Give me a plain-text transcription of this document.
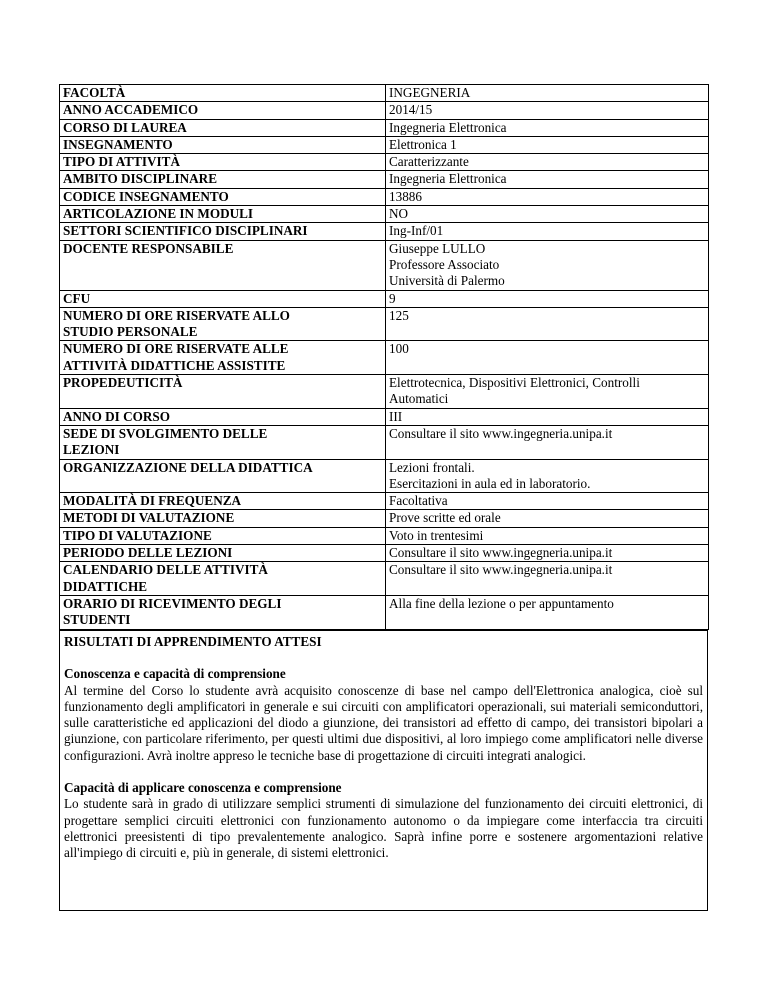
FACOLTÀ	INGEGNERIA

ANNO ACCADEMICO	2014/15

CORSO DI LAUREA	Ingegneria Elettronica

INSEGNAMENTO	Elettronica 1

TIPO DI ATTIVITÀ	Caratterizzante

AMBITO DISCIPLINARE	Ingegneria Elettronica

CODICE INSEGNAMENTO	13886

ARTICOLAZIONE IN MODULI	NO

SETTORI SCIENTIFICO DISCIPLINARI	Ing-Inf/01

DOCENTE RESPONSABILE	Giuseppe LULLO
Professore Associato
Università di Palermo

CFU	9

NUMERO DI ORE RISERVATE ALLO
STUDIO PERSONALE	125

NUMERO DI ORE RISERVATE ALLE
ATTIVITÀ DIDATTICHE ASSISTITE	100

PROPEDEUTICITÀ	Elettrotecnica, Dispositivi Elettronici, Controlli
Automatici

ANNO DI CORSO	III

SEDE DI SVOLGIMENTO DELLE
LEZIONI	Consultare il sito www.ingegneria.unipa.it

ORGANIZZAZIONE DELLA DIDATTICA	Lezioni frontali.
Esercitazioni in aula ed in laboratorio.

MODALITÀ DI FREQUENZA	Facoltativa

METODI DI VALUTAZIONE	Prove scritte ed orale

TIPO DI VALUTAZIONE	Voto in trentesimi

PERIODO DELLE LEZIONI	Consultare il sito www.ingegneria.unipa.it

CALENDARIO DELLE ATTIVITÀ
DIDATTICHE	Consultare il sito www.ingegneria.unipa.it

ORARIO DI RICEVIMENTO DEGLI
STUDENTI	Alla fine della lezione o per appuntamento
RISULTATI DI APPRENDIMENTO ATTESI
Conoscenza e capacità di comprensione

Al termine del Corso lo studente avrà acquisito conoscenze di base nel campo dell'Elettronica analogica, cioè sul funzionamento degli amplificatori in generale e sui circuiti con amplificatori operazionali, sui materiali semiconduttori, sulle caratteristiche ed applicazioni del diodo a giunzione, dei transistori ad effetto di campo, dei transistori bipolari a giunzione, con particolare riferimento, per questi ultimi due dispositivi, al loro impiego come amplificatori nelle diverse configurazioni. Avrà inoltre appreso le tecniche base di progettazione di circuiti integrati analogici.

Capacità di applicare conoscenza e comprensione

Lo studente sarà in grado di utilizzare semplici strumenti di simulazione del funzionamento dei circuiti elettronici, di progettare semplici circuiti elettronici con funzionamento autonomo o da impiegare come interfaccia tra circuiti elettronici preesistenti di tipo prevalentemente analogico. Saprà infine porre e sostenere argomentazioni relative all'impiego di circuiti e, più in generale, di sistemi elettronici.
